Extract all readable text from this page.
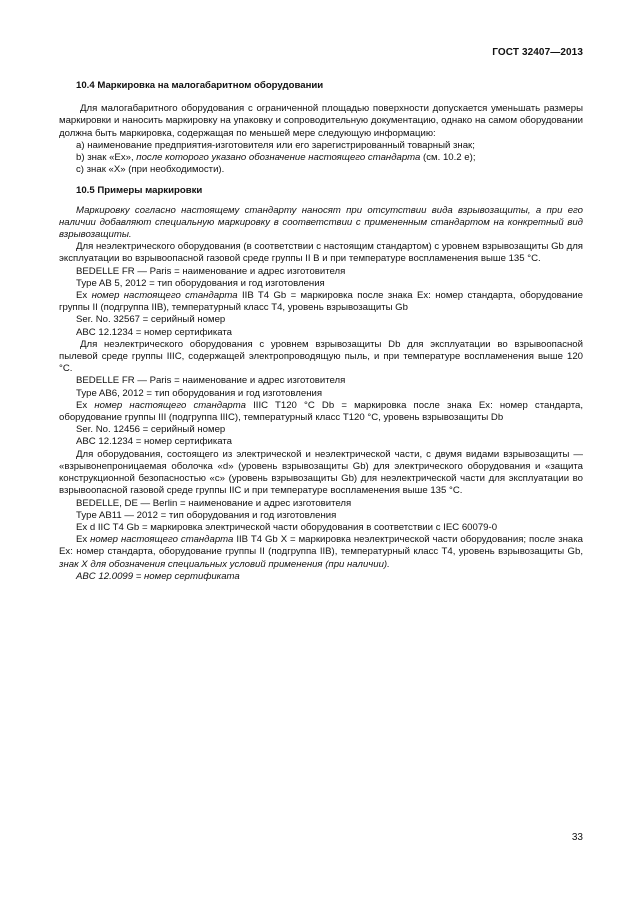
ГОСТ 32407—2013

10.4 Маркировка на малогабаритном оборудовании

Для малогабаритного оборудования с ограниченной площадью поверхности допускается уменьшать размеры маркировки и наносить маркировку на упаковку и сопроводительную документацию, однако на самом оборудовании должна быть маркировка, содержащая по меньшей мере следующую информацию:

a) наименование предприятия-изготовителя или его зарегистрированный товарный знак;

b) знак «Ex», после которого указано обозначение настоящего стандарта (см. 10.2 е);

c) знак «X» (при необходимости).

10.5 Примеры маркировки

Маркировку согласно настоящему стандарту наносят при отсутствии вида взрывозащиты, а при его наличии добавляют специальную маркировку в соответствии с примененным стандартом на конкретный вид взрывозащиты.

Для неэлектрического оборудования (в соответствии с настоящим стандартом) с уровнем взрывозащиты Gb для эксплуатации во взрывоопасной газовой среде группы II В и при температуре воспламенения выше 135 °С.

BEDELLE FR — Paris = наименование и адрес изготовителя

Type AB 5, 2012 = тип оборудования и год изготовления

Ex номер настоящего стандарта IIB T4 Gb = маркировка после знака Ex: номер стандарта, оборудование группы II (подгруппа IIB), температурный класс Т4, уровень взрывозащиты Gb

Ser. No. 32567 = серийный номер

ABC 12.1234 = номер сертификата

Для неэлектрического оборудования с уровнем взрывозащиты Db для эксплуатации во взрывоопасной пылевой среде группы IIIC, содержащей электропроводящую пыль, и при температуре воспламенения выше 120 °С.

BEDELLE FR — Paris = наименование и адрес изготовителя

Type AB6, 2012 = тип оборудования и год изготовления

Ex номер настоящего стандарта IIIC T120 °C Db = маркировка после знака Ex: номер стандарта, оборудование группы III (подгруппа IIIC), температурный класс Т120 °С, уровень взрывозащиты Db

Ser. No. 12456 = серийный номер

ABC 12.1234 = номер сертификата

Для оборудования, состоящего из электрической и неэлектрической части, с двумя видами взрывозащиты — «взрывонепроницаемая оболочка «d» (уровень взрывозащиты Gb) для электрического оборудования и «защита конструкционной безопасностью «с» (уровень взрывозащиты Gb) для неэлектрической части для эксплуатации во взрывоопасной газовой среде группы IIC и при температуре воспламенения выше 135 °С.

BEDELLE, DE — Berlin = наименование и адрес изготовителя

Type AB11 — 2012 = тип оборудования и год изготовления

Ex d IIC T4 Gb = маркировка электрической части оборудования в соответствии с IEC 60079-0

Ex номер настоящего стандарта IIB T4 Gb X = маркировка неэлектрической части оборудования; после знака Ex: номер стандарта, оборудование группы II (подгруппа IIB), температурный класс Т4, уровень взрывозащиты Gb, знак X для обозначения специальных условий применения (при наличии).

ABC 12.0099 = номер сертификата

33
